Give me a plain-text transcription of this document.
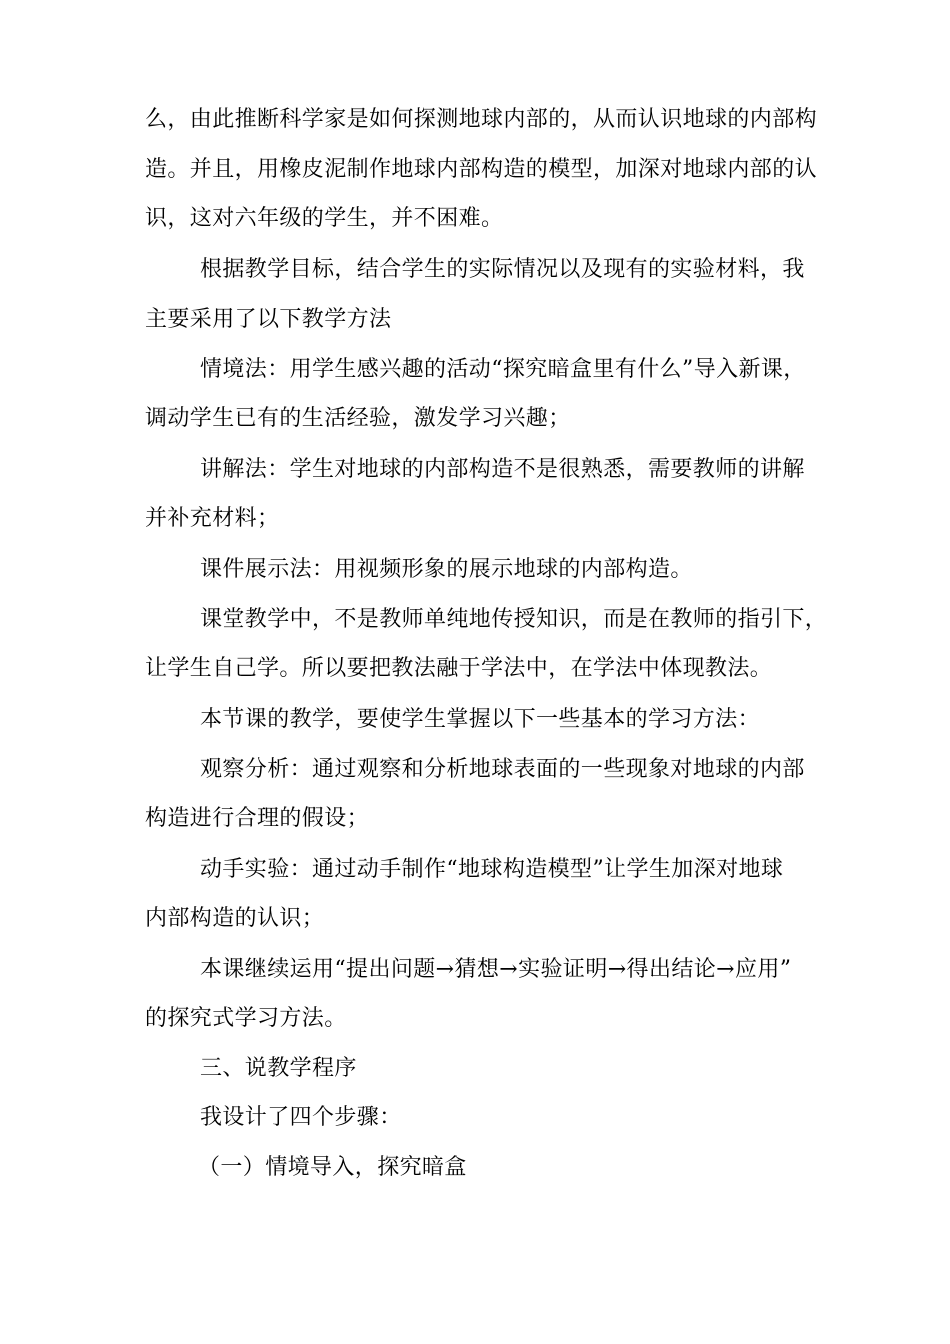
么，由此推断科学家是如何探测地球内部的，从而认识地球的内部构
造。并且，用橡皮泥制作地球内部构造的模型，加深对地球内部的认
识，这对六年级的学生，并不困难。
根据教学目标，结合学生的实际情况以及现有的实验材料，我
主要采用了以下教学方法
情境法：用学生感兴趣的活动“探究暗盒里有什么”导入新课，
调动学生已有的生活经验，激发学习兴趣；
讲解法：学生对地球的内部构造不是很熟悉，需要教师的讲解
并补充材料；
课件展示法：用视频形象的展示地球的内部构造。
课堂教学中，不是教师单纯地传授知识，而是在教师的指引下，
让学生自己学。所以要把教法融于学法中，在学法中体现教法。
本节课的教学，要使学生掌握以下一些基本的学习方法：
观察分析：通过观察和分析地球表面的一些现象对地球的内部
构造进行合理的假设；
动手实验：通过动手制作“地球构造模型”让学生加深对地球
内部构造的认识；
本课继续运用“提出问题→猜想→实验证明→得出结论→应用”
的探究式学习方法。
三、说教学程序
我设计了四个步骤：
（一）情境导入，探究暗盒
